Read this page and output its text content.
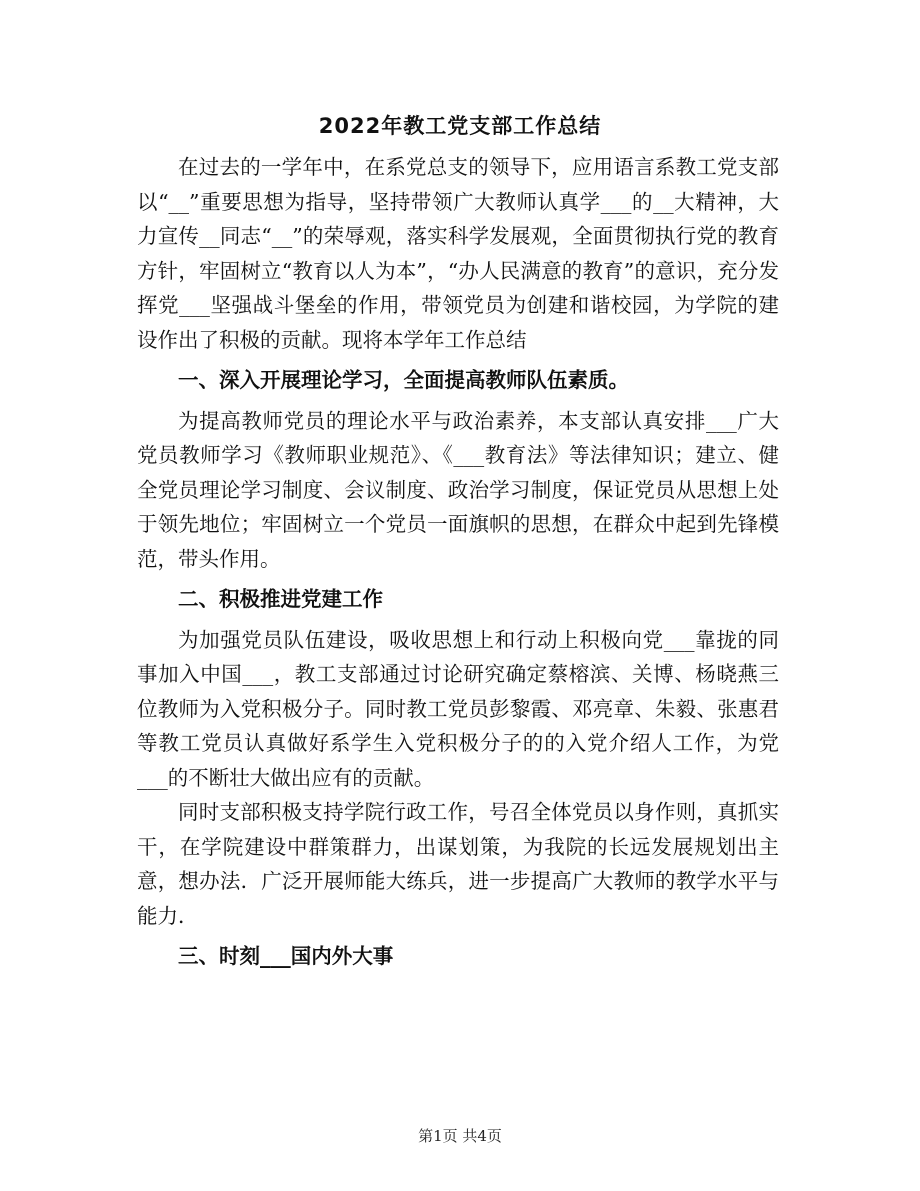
2022年教工党支部工作总结

在过去的一学年中，在系党总支的领导下，应用语言系教工党支部以“__”重要思想为指导，坚持带领广大教师认真学___的__大精神，大力宣传__同志“__”的荣辱观，落实科学发展观，全面贯彻执行党的教育方针，牢固树立“教育以人为本”，“办人民满意的教育”的意识，充分发挥党___坚强战斗堡垒的作用，带领党员为创建和谐校园，为学院的建设作出了积极的贡献。现将本学年工作总结

一、深入开展理论学习，全面提高教师队伍素质。

为提高教师党员的理论水平与政治素养，本支部认真安排___广大党员教师学习《教师职业规范》、《___教育法》等法律知识；建立、健全党员理论学习制度、会议制度、政治学习制度，保证党员从思想上处于领先地位；牢固树立一个党员一面旗帜的思想，在群众中起到先锋模范，带头作用。

二、积极推进党建工作

为加强党员队伍建设，吸收思想上和行动上积极向党___靠拢的同事加入中国___，教工支部通过讨论研究确定蔡榕滨、关博、杨晓燕三位教师为入党积极分子。同时教工党员彭黎霞、邓亮章、朱毅、张惠君等教工党员认真做好系学生入党积极分子的的入党介绍人工作，为党___的不断壮大做出应有的贡献。

同时支部积极支持学院行政工作，号召全体党员以身作则，真抓实干，在学院建设中群策群力，出谋划策，为我院的长远发展规划出主意，想办法．广泛开展师能大练兵，进一步提高广大教师的教学水平与能力．

三、时刻___国内外大事

第1页 共4页
